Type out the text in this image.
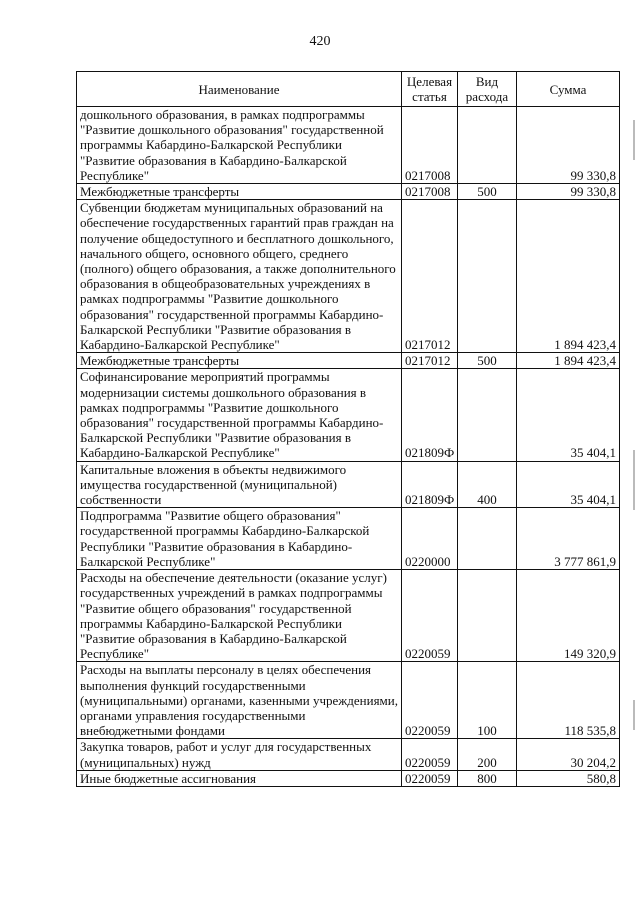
420
Наименование	Целевая статья	Вид расхода	Сумма
дошкольного образования, в рамках подпрограммы "Развитие дошкольного образования" государственной программы Кабардино-Балкарской Республики "Развитие образования в Кабардино-Балкарской Республике"	0217008		99 330,8
Межбюджетные трансферты	0217008	500	99 330,8
Субвенции бюджетам муниципальных образований на обеспечение государственных гарантий прав граждан на получение общедоступного и бесплатного дошкольного, начального общего, основного общего, среднего (полного) общего образования, а также дополнительного образования в общеобразовательных учреждениях в рамках подпрограммы "Развитие дошкольного образования" государственной программы Кабардино-Балкарской Республики "Развитие образования в Кабардино-Балкарской Республике"	0217012		1 894 423,4
Межбюджетные трансферты	0217012	500	1 894 423,4
Софинансирование мероприятий программы модернизации системы дошкольного образования в рамках подпрограммы "Развитие дошкольного образования" государственной программы Кабардино-Балкарской Республики "Развитие образования в Кабардино-Балкарской Республике"	021809Ф		35 404,1
Капитальные вложения в объекты недвижимого имущества государственной (муниципальной) собственности	021809Ф	400	35 404,1
Подпрограмма "Развитие общего образования" государственной программы Кабардино-Балкарской Республики "Развитие образования в Кабардино-Балкарской Республике"	0220000		3 777 861,9
Расходы на обеспечение деятельности (оказание услуг) государственных учреждений в рамках подпрограммы "Развитие общего образования" государственной программы Кабардино-Балкарской Республики "Развитие образования в Кабардино-Балкарской Республике"	0220059		149 320,9
Расходы на выплаты персоналу в целях обеспечения выполнения функций государственными (муниципальными) органами, казенными учреждениями, органами управления государственными внебюджетными фондами	0220059	100	118 535,8
Закупка товаров, работ и услуг для государственных (муниципальных) нужд	0220059	200	30 204,2
Иные бюджетные ассигнования	0220059	800	580,8
